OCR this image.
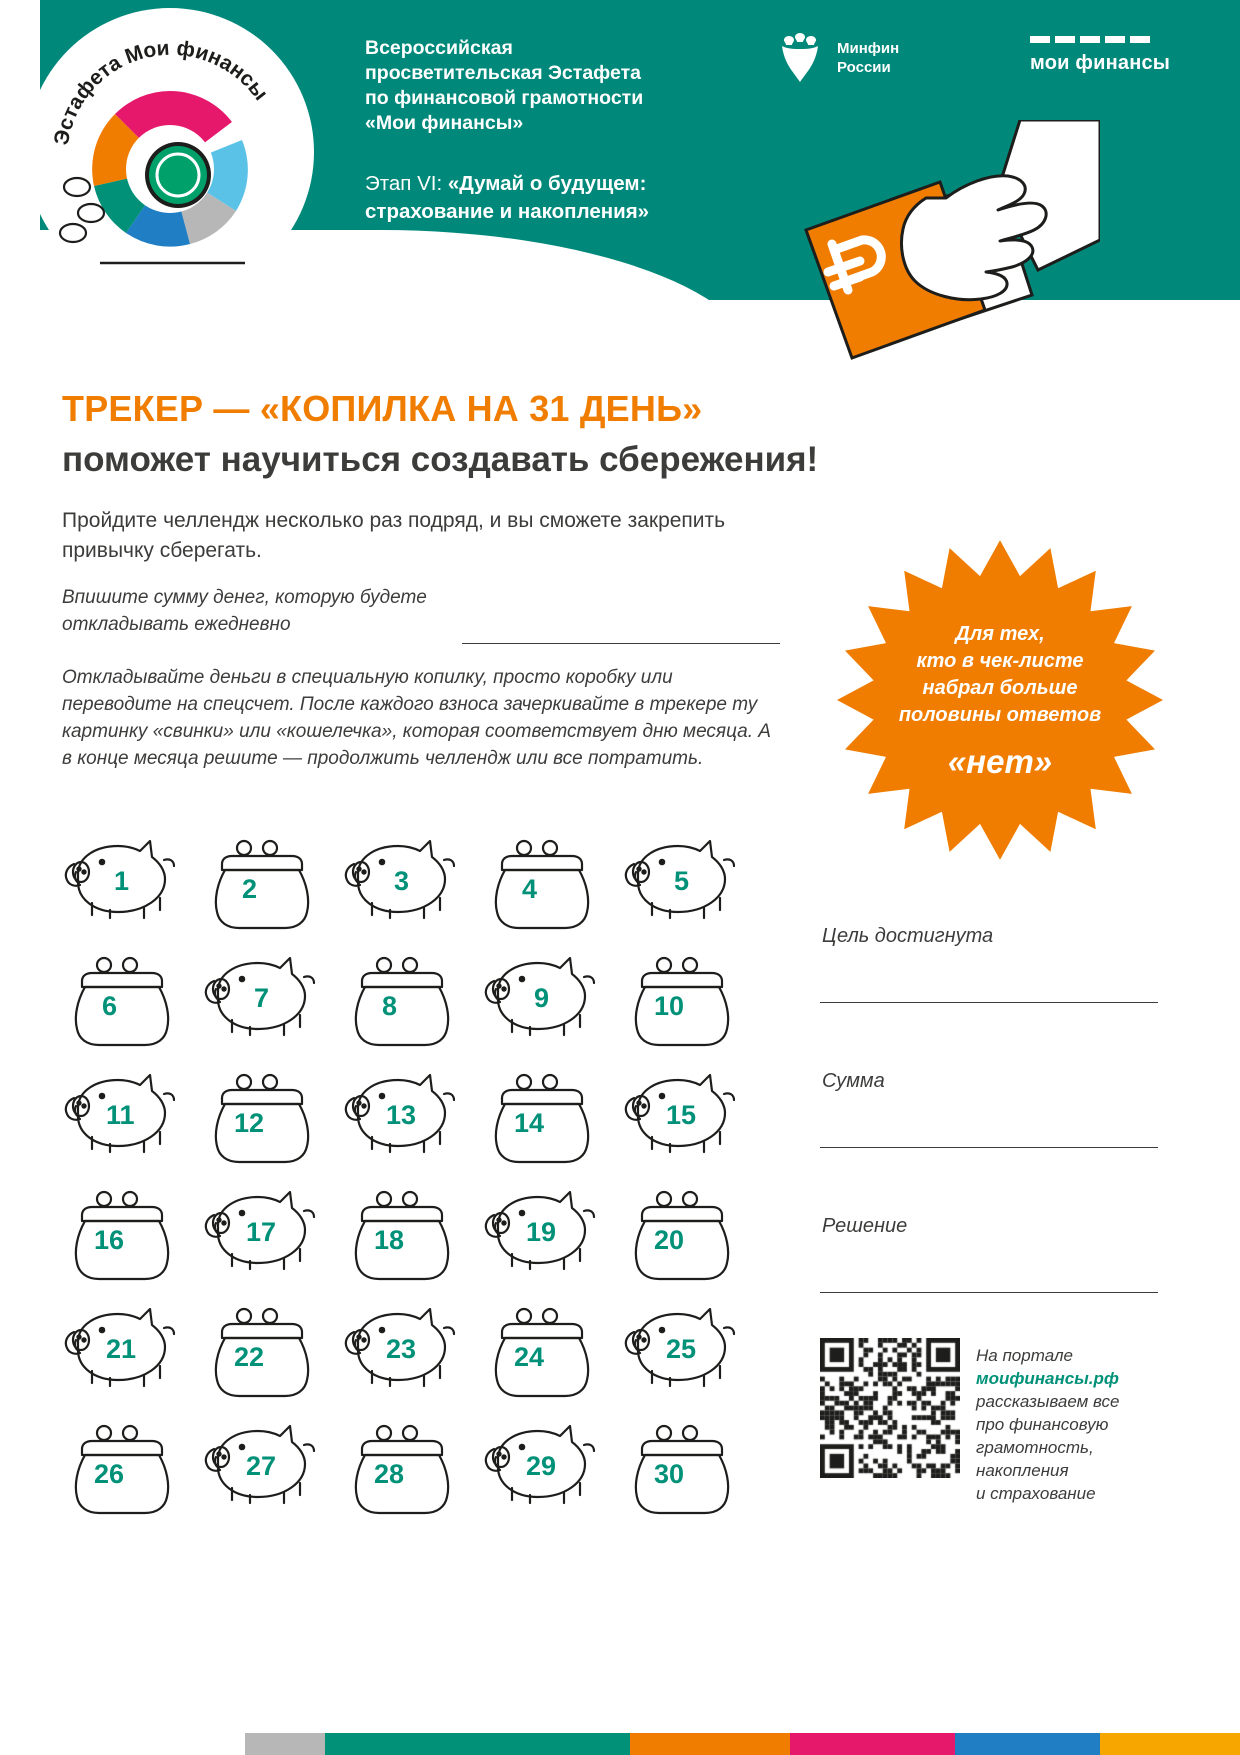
Эстафета Мои финансы
Всероссийская
просветительская Эстафета
по финансовой грамотности
«Мои финансы»
Этап VI: «Думай о будущем:
страхование и накопления»
Минфин
России	мои финансы
ТРЕКЕР — «КОПИЛКА НА 31 ДЕНЬ»
поможет научиться создавать сбережения!
Пройдите челлендж несколько раз подряд, и вы сможете закрепить привычку сберегать.
Впишите сумму денег, которую будете откладывать ежедневно
Откладывайте деньги в специальную копилку, просто коробку или переводите на спецсчет. После каждого взноса зачеркивайте в трекере ту картинку «свинки» или «кошелечка», которая соответствует дню месяца. А в конце месяца решите — продолжить челлендж или все потратить.
1	2	3	4	5
6	7	8	9	10
11	12	13	14	15
16	17	18	19	20
21	22	23	24	25
26	27	28	29	30
Для тех,
кто в чек-листе
набрал больше
половины ответов
«нет»
Цель достигнута
Сумма
Решение
На портале
моифинансы.рф
рассказываем все
про финансовую
грамотность,
накопления
и страхование
